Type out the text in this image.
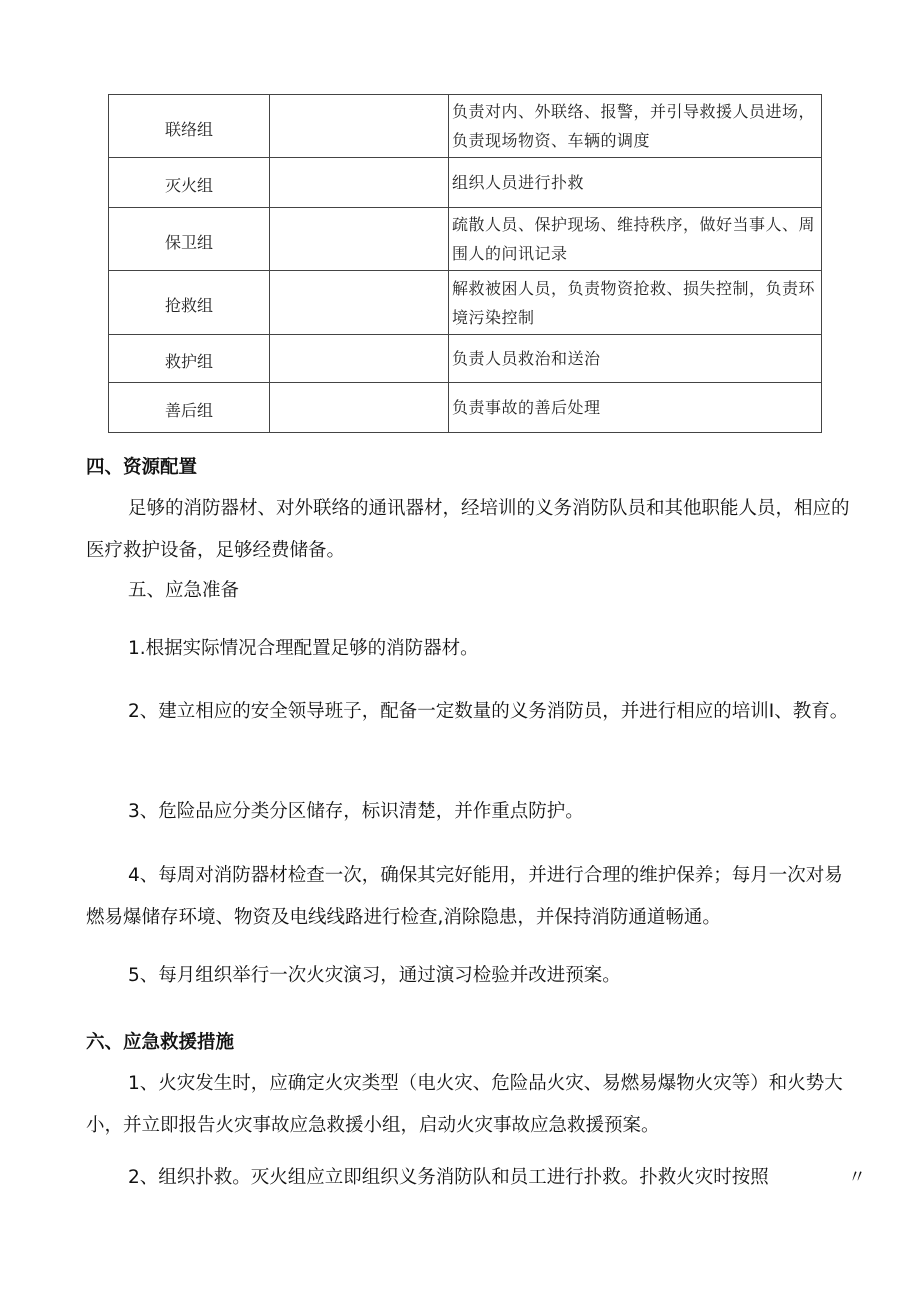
联络组		负责对内、外联络、报警，并引导救援人员进场，负责现场物资、车辆的调度
灭火组		组织人员进行扑救
保卫组		疏散人员、保护现场、维持秩序，做好当事人、周围人的问讯记录
抢救组		解救被困人员，负责物资抢救、损失控制，负责环境污染控制
救护组		负责人员救治和送治
善后组		负责事故的善后处理
四、资源配置
足够的消防器材、对外联络的通讯器材，经培训的义务消防队员和其他职能人员，相应的医疗救护设备，足够经费储备。
五、应急准备
1.根据实际情况合理配置足够的消防器材。
2、建立相应的安全领导班子，配备一定数量的义务消防员，并进行相应的培训I、教育。
3、危险品应分类分区储存，标识清楚，并作重点防护。
4、每周对消防器材检查一次，确保其完好能用，并进行合理的维护保养；每月一次对易燃易爆储存环境、物资及电线线路进行检查,消除隐患，并保持消防通道畅通。
5、每月组织举行一次火灾演习，通过演习检验并改进预案。
六、应急救援措施
1、火灾发生时，应确定火灾类型（电火灾、危险品火灾、易燃易爆物火灾等）和火势大小，并立即报告火灾事故应急救援小组，启动火灾事故应急救援预案。
2、组织扑救。灭火组应立即组织义务消防队和员工进行扑救。扑救火灾时按照	〃
